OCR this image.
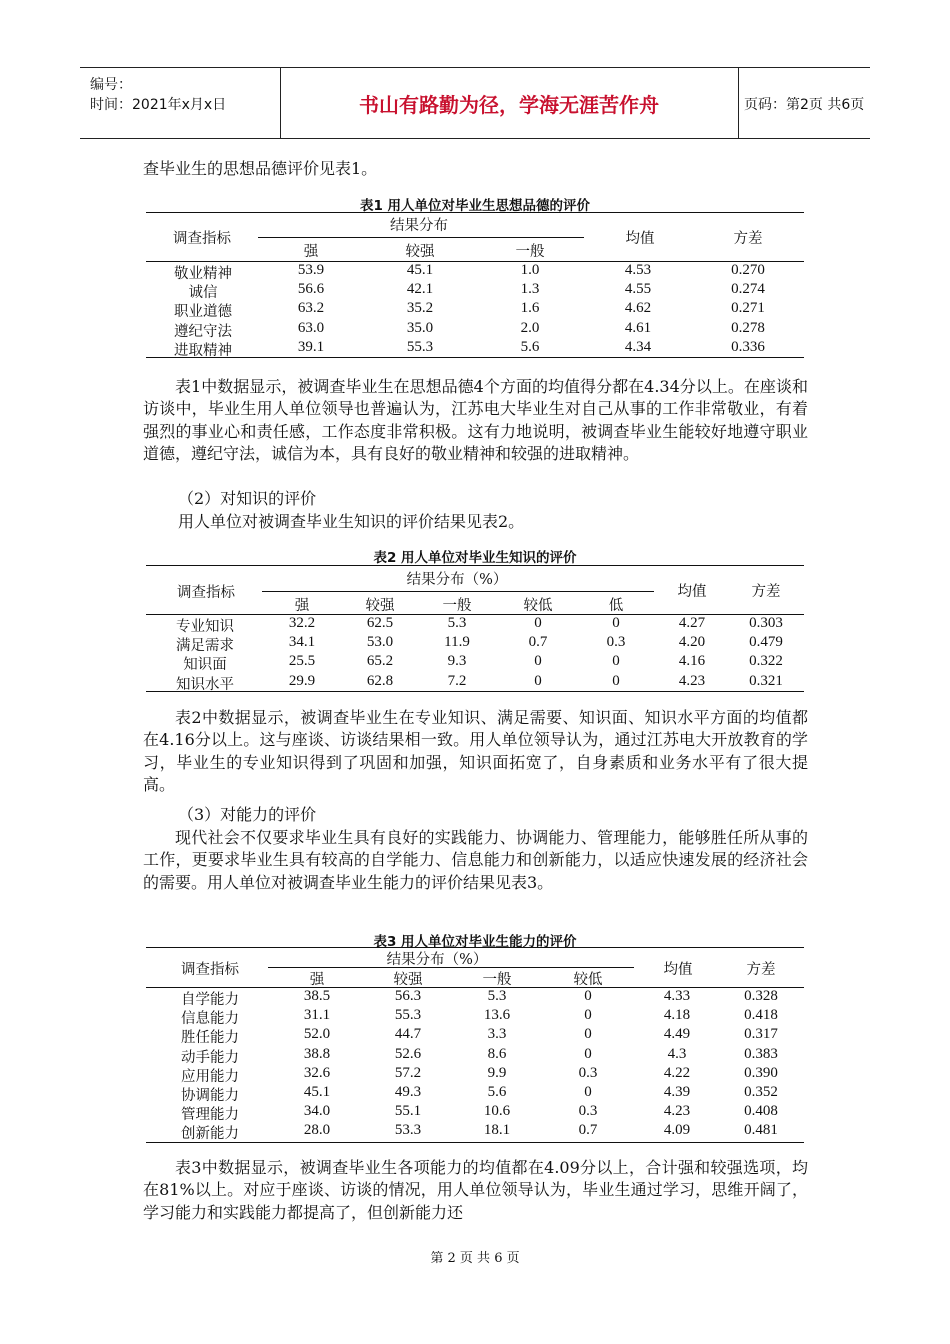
编号：
时间：2021年x月x日	书山有路勤为径，学海无涯苦作舟	页码：第2页 共6页
查毕业生的思想品德评价见表1。
表1 用人单位对毕业生思想品德的评价
调查指标
结果分布
强	较强	一般
均值	方差
敬业精神	53.9	45.1	1.0	4.53	0.270
诚信	56.6	42.1	1.3	4.55	0.274
职业道德	63.2	35.2	1.6	4.62	0.271
遵纪守法	63.0	35.0	2.0	4.61	0.278
进取精神	39.1	55.3	5.6	4.34	0.336
表1中数据显示，被调查毕业生在思想品德4个方面的均值得分都在4.34分以上。在座谈和访谈中，毕业生用人单位领导也普遍认为，江苏电大毕业生对自己从事的工作非常敬业，有着强烈的事业心和责任感，工作态度非常积极。这有力地说明，被调查毕业生能较好地遵守职业道德，遵纪守法，诚信为本，具有良好的敬业精神和较强的进取精神。
（2）对知识的评价
用人单位对被调查毕业生知识的评价结果见表2。
表2 用人单位对毕业生知识的评价
调查指标
结果分布（%）
强	较强	一般	较低	低
均值	方差
专业知识	32.2	62.5	5.3	0	0	4.27	0.303
满足需求	34.1	53.0	11.9	0.7	0.3	4.20	0.479
知识面	25.5	65.2	9.3	0	0	4.16	0.322
知识水平	29.9	62.8	7.2	0	0	4.23	0.321
表2中数据显示，被调查毕业生在专业知识、满足需要、知识面、知识水平方面的均值都在4.16分以上。这与座谈、访谈结果相一致。用人单位领导认为，通过江苏电大开放教育的学习，毕业生的专业知识得到了巩固和加强，知识面拓宽了，自身素质和业务水平有了很大提高。
（3）对能力的评价
现代社会不仅要求毕业生具有良好的实践能力、协调能力、管理能力，能够胜任所从事的工作，更要求毕业生具有较高的自学能力、信息能力和创新能力，以适应快速发展的经济社会的需要。用人单位对被调查毕业生能力的评价结果见表3。
表3 用人单位对毕业生能力的评价
调查指标
结果分布（%）
强	较强	一般	较低
均值	方差
自学能力	38.5	56.3	5.3	0	4.33	0.328
信息能力	31.1	55.3	13.6	0	4.18	0.418
胜任能力	52.0	44.7	3.3	0	4.49	0.317
动手能力	38.8	52.6	8.6	0	4.3	0.383
应用能力	32.6	57.2	9.9	0.3	4.22	0.390
协调能力	45.1	49.3	5.6	0	4.39	0.352
管理能力	34.0	55.1	10.6	0.3	4.23	0.408
创新能力	28.0	53.3	18.1	0.7	4.09	0.481
表3中数据显示，被调查毕业生各项能力的均值都在4.09分以上，合计强和较强选项，均在81%以上。对应于座谈、访谈的情况，用人单位领导认为，毕业生通过学习，思维开阔了，学习能力和实践能力都提高了，但创新能力还
第 2 页 共 6 页
